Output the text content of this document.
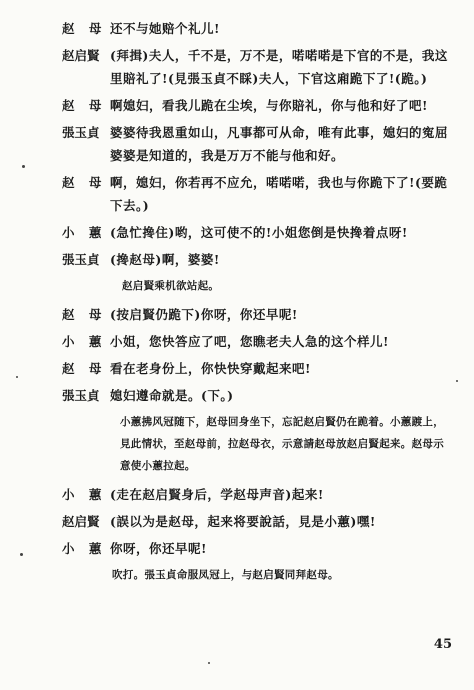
赵 母 还不与她赔个礼儿!
赵启賢 (拜揖)夫人，千不是，万不是，喏喏喏是下官的不是，我这里賠礼了!(見張玉貞不睬)夫人，下官这廂跪下了!(跪。)
赵 母 啊媳妇，看我儿跪在尘埃，与你賠礼，你与他和好了吧!
張玉貞 婆婆待我恩重如山，凡事都可从命，唯有此事，媳妇的寃屈婆婆是知道的，我是万万不能与他和好。
赵 母 啊，媳妇，你若再不应允，喏喏喏，我也与你跪下了!(要跪下去。)
小 蕙 (急忙搀住)哟，这可使不的!小姐您倒是快搀着点呀!
張玉貞 (搀赵母)啊，婆婆!
赵启賢乘机欲站起。
赵 母 (按启賢仍跪下)你呀，你还早呢!
小 蕙 小姐，您快答应了吧，您瞧老夫人急的这个样儿!
赵 母 看在老身份上，你快快穿戴起来吧!
張玉貞 媳妇遵命就是。(下。)
小蕙拂风冠随下，赵母回身坐下，忘記赵启賢仍在跪着。小蕙踱上，見此情状，至赵母前，拉赵母衣，示意請赵母放赵启賢起来。赵母示意使小蕙拉起。
小 蕙 (走在赵启賢身后，学赵母声音)起来!
赵启賢 (誤以为是赵母，起来将要說話，見是小蕙)嘿!
小 蕙 你呀，你还早呢!
吹打。張玉貞命服凤冠上，与赵启賢同拜赵母。
45
